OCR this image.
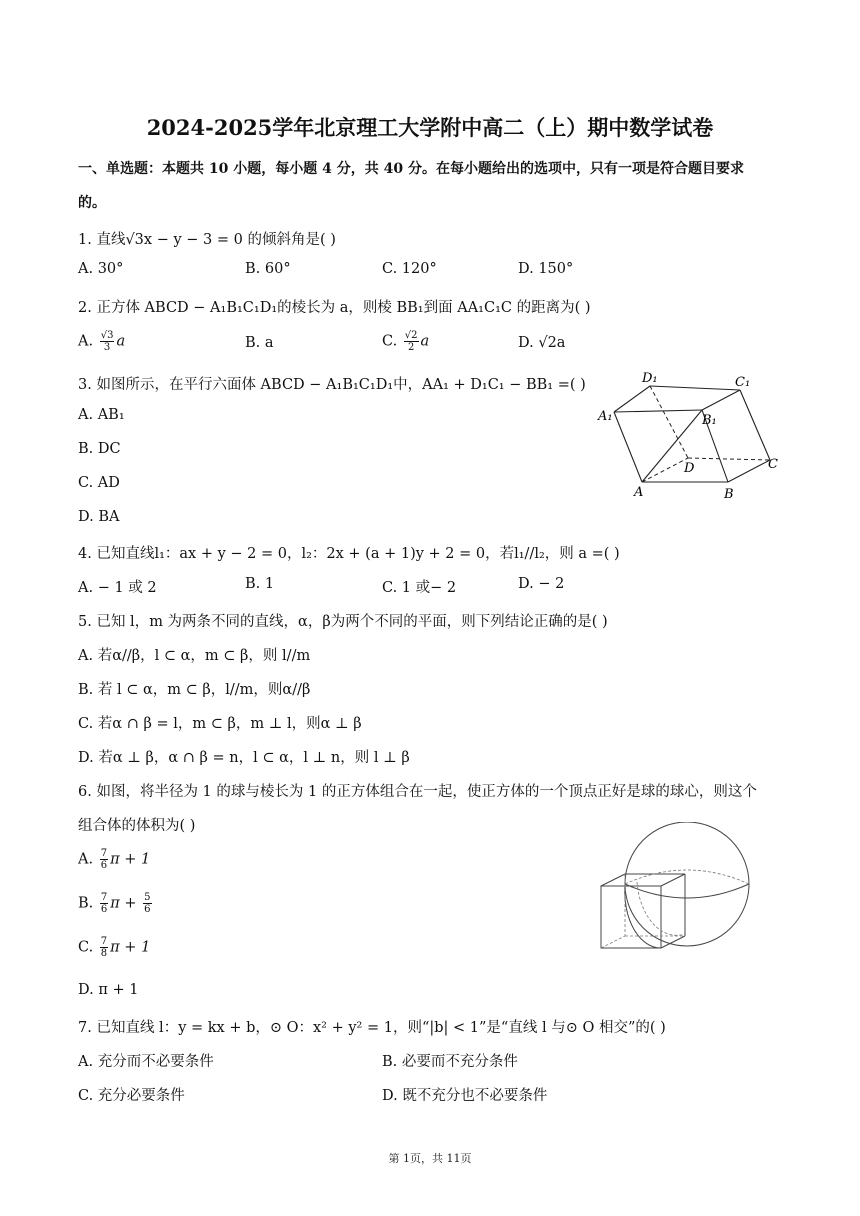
2024-2025学年北京理工大学附中高二（上）期中数学试卷
一、单选题：本题共 10 小题，每小题 4 分，共 40 分。在每小题给出的选项中，只有一项是符合题目要求
的。
1. 直线√3x − y − 3 = 0 的倾斜角是( )
A. 30°	B. 60°	C. 120°	D. 150°
2. 正方体 ABCD − A₁B₁C₁D₁的棱长为 a，则棱 BB₁到面 AA₁C₁C 的距离为( )
A. $\frac{√3}{3}$ a	B. a	C. $\frac{√2}{2}$ a	D. √2a
3. 如图所示，在平行六面体 ABCD − A₁B₁C₁D₁中，AA₁ + D₁C₁ − BB₁ =( )
A. AB₁
B. DC
C. AD
D. BA
D₁	C₁
A₁	B₁
D	C
A	B
4. 已知直线l₁：ax + y − 2 = 0，l₂：2x + (a + 1)y + 2 = 0，若l₁//l₂，则 a =( )
A. − 1 或 2	B. 1	C. 1 或− 2	D. − 2
5. 已知 l，m 为两条不同的直线，α，β为两个不同的平面，则下列结论正确的是( )
A. 若α//β，l ⊂ α，m ⊂ β，则 l//m
B. 若 l ⊂ α，m ⊂ β，l//m，则α//β
C. 若α ∩ β = l，m ⊂ β，m ⊥ l，则α ⊥ β
D. 若α ⊥ β，α ∩ β = n，l ⊂ α，l ⊥ n，则 l ⊥ β
6. 如图，将半径为 1 的球与棱长为 1 的正方体组合在一起，使正方体的一个顶点正好是球的球心，则这个
组合体的体积为( )
A. $\frac{7}{6}$ π + 1
B. $\frac{7}{6}$ $\pi + \frac{5}{6}$
C. $\frac{7}{8}$ π + 1
D. π + 1
7. 已知直线 l：y = kx + b，⊙ O：x² + y² = 1，则“|b| < 1”是“直线 l 与⊙ O 相交”的( )
A. 充分而不必要条件	B. 必要而不充分条件
C. 充分必要条件	D. 既不充分也不必要条件
第 1页，共 11页
